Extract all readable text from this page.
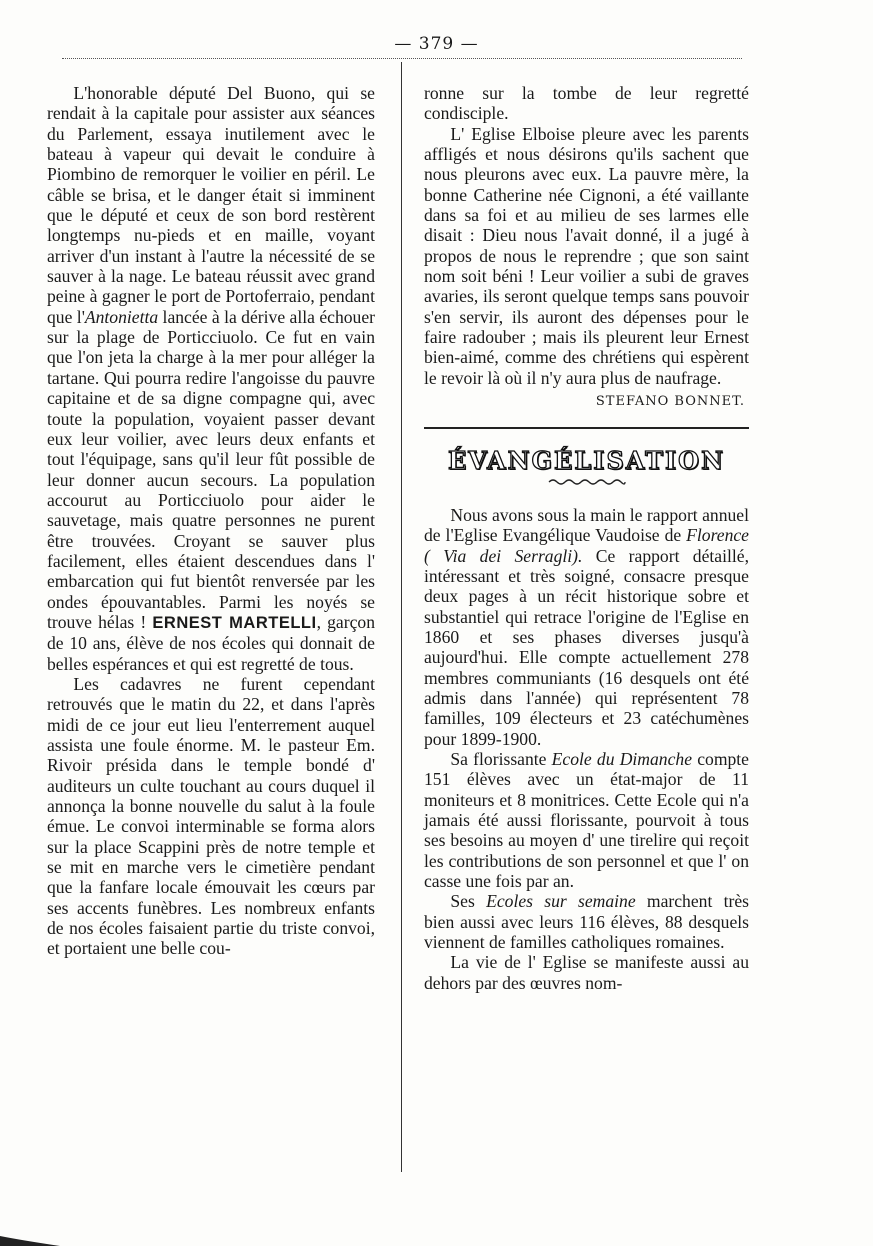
— 379 —

L'honorable député Del Buono, qui se rendait à la capitale pour assister aux séances du Parlement, essaya inutilement avec le bateau à vapeur qui devait le conduire à Piombino de remorquer le voilier en péril. Le câble se brisa, et le danger était si imminent que le député et ceux de son bord restèrent longtemps nu-pieds et en maille, voyant arriver d'un instant à l'autre la nécessité de se sauver à la nage. Le bateau réussit avec grand peine à gagner le port de Portoferraio, pendant que l'Antonietta lancée à la dérive alla échouer sur la plage de Porticciuolo. Ce fut en vain que l'on jeta la charge à la mer pour alléger la tartane. Qui pourra redire l'angoisse du pauvre capitaine et de sa digne compagne qui, avec toute la population, voyaient passer devant eux leur voilier, avec leurs deux enfants et tout l'équipage, sans qu'il leur fût possible de leur donner aucun secours. La population accourut au Porticciuolo pour aider le sauvetage, mais quatre personnes ne purent être trouvées. Croyant se sauver plus facilement, elles étaient descendues dans l' embarcation qui fut bientôt renversée par les ondes épouvantables. Parmi les noyés se trouve hélas ! ERNEST MARTELLI, garçon de 10 ans, élève de nos écoles qui donnait de belles espérances et qui est regretté de tous.

Les cadavres ne furent cependant retrouvés que le matin du 22, et dans l'après midi de ce jour eut lieu l'enterrement auquel assista une foule énorme. M. le pasteur Em. Rivoir présida dans le temple bondé d' auditeurs un culte touchant au cours duquel il annonça la bonne nouvelle du salut à la foule émue. Le convoi interminable se forma alors sur la place Scappini près de notre temple et se mit en marche vers le cimetière pendant que la fanfare locale émouvait les cœurs par ses accents funèbres. Les nombreux enfants de nos écoles faisaient partie du triste convoi, et portaient une belle cou-

ronne sur la tombe de leur regretté condisciple.

L' Eglise Elboise pleure avec les parents affligés et nous désirons qu'ils sachent que nous pleurons avec eux. La pauvre mère, la bonne Catherine née Cignoni, a été vaillante dans sa foi et au milieu de ses larmes elle disait : Dieu nous l'avait donné, il a jugé à propos de nous le reprendre ; que son saint nom soit béni ! Leur voilier a subi de graves avaries, ils seront quelque temps sans pouvoir s'en servir, ils auront des dépenses pour le faire radouber ; mais ils pleurent leur Ernest bien-aimé, comme des chrétiens qui espèrent le revoir là où il n'y aura plus de naufrage.

STEFANO BONNET.
ÉVANGÉLISATION

Nous avons sous la main le rapport annuel de l'Eglise Evangélique Vaudoise de Florence ( Via dei Serragli). Ce rapport détaillé, intéressant et très soigné, consacre presque deux pages à un récit historique sobre et substantiel qui retrace l'origine de l'Eglise en 1860 et ses phases diverses jusqu'à aujourd'hui. Elle compte actuellement 278 membres communiants (16 desquels ont été admis dans l'année) qui représentent 78 familles, 109 électeurs et 23 catéchumènes pour 1899-1900.

Sa florissante Ecole du Dimanche compte 151 élèves avec un état-major de 11 moniteurs et 8 monitrices. Cette Ecole qui n'a jamais été aussi florissante, pourvoit à tous ses besoins au moyen d' une tirelire qui reçoit les contributions de son personnel et que l' on casse une fois par an.

Ses Ecoles sur semaine marchent très bien aussi avec leurs 116 élèves, 88 desquels viennent de familles catholiques romaines.

La vie de l' Eglise se manifeste aussi au dehors par des œuvres nom-
